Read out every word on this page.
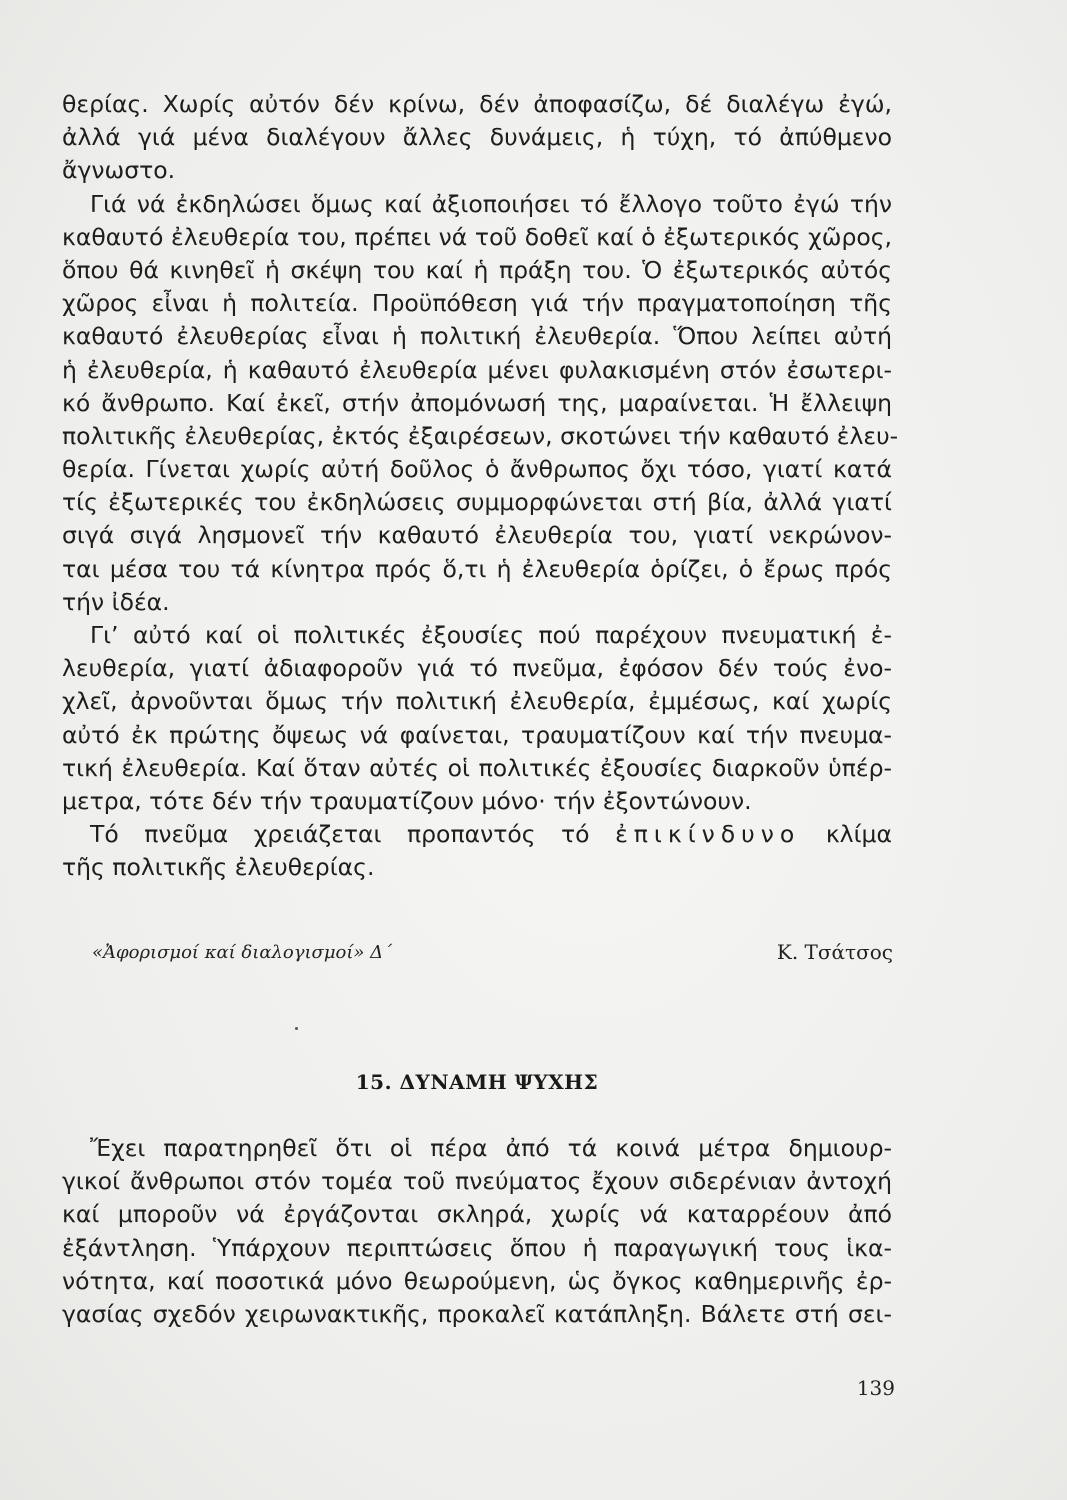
θερίας. Χωρίς αὐτόν δέν κρίνω, δέν ἀποφασίζω, δέ διαλέγω ἐγώ,
ἀλλά γιά μένα διαλέγουν ἄλλες δυνάμεις, ἡ τύχη, τό ἀπύθμενο
ἄγνωστο.
Γιά νά ἐκδηλώσει ὅμως καί ἀξιοποιήσει τό ἔλλογο τοῦτο ἐγώ τήν
καθαυτό ἐλευθερία του, πρέπει νά τοῦ δοθεῖ καί ὁ ἐξωτερικός χῶρος,
ὅπου θά κινηθεῖ ἡ σκέψη του καί ἡ πράξη του. Ὁ ἐξωτερικός αὐτός
χῶρος εἶναι ἡ πολιτεία. Προϋπόθεση γιά τήν πραγματοποίηση τῆς
καθαυτό ἐλευθερίας εἶναι ἡ πολιτική ἐλευθερία. Ὅπου λείπει αὐτή
ἡ ἐλευθερία, ἡ καθαυτό ἐλευθερία μένει φυλακισμένη στόν ἐσωτερι-
κό ἄνθρωπο. Καί ἐκεῖ, στήν ἀπομόνωσή της, μαραίνεται. Ἡ ἔλλειψη
πολιτικῆς ἐλευθερίας, ἐκτός ἐξαιρέσεων, σκοτώνει τήν καθαυτό ἐλευ-
θερία. Γίνεται χωρίς αὐτή δοῦλος ὁ ἄνθρωπος ὄχι τόσο, γιατί κατά
τίς ἐξωτερικές του ἐκδηλώσεις συμμορφώνεται στή βία, ἀλλά γιατί
σιγά σιγά λησμονεῖ τήν καθαυτό ἐλευθερία του, γιατί νεκρώνον-
ται μέσα του τά κίνητρα πρός ὅ,τι ἡ ἐλευθερία ὁρίζει, ὁ ἔρως πρός
τήν ἰδέα.
Γι’ αὐτό καί οἱ πολιτικές ἐξουσίες πού παρέχουν πνευματική ἐ-
λευθερία, γιατί ἀδιαφοροῦν γιά τό πνεῦμα, ἐφόσον δέν τούς ἐνο-
χλεῖ, ἀρνοῦνται ὅμως τήν πολιτική ἐλευθερία, ἐμμέσως, καί χωρίς
αὐτό ἐκ πρώτης ὄψεως νά φαίνεται, τραυματίζουν καί τήν πνευμα-
τική ἐλευθερία. Καί ὅταν αὐτές οἱ πολιτικές ἐξουσίες διαρκοῦν ὑπέρ-
μετρα, τότε δέν τήν τραυματίζουν μόνο· τήν ἐξοντώνουν.
Τό πνεῦμα χρειάζεται προπαντός τό ἐπικίνδυνο κλίμα
τῆς πολιτικῆς ἐλευθερίας.
«Ἀφορισμοί καί διαλογισμοί» Δ΄	Κ. Τσάτσος
15. ΔΥΝΑΜΗ ΨΥΧΗΣ
Ἔχει παρατηρηθεῖ ὅτι οἱ πέρα ἀπό τά κοινά μέτρα δημιουρ-
γικοί ἄνθρωποι στόν τομέα τοῦ πνεύματος ἔχουν σιδερένιαν ἀντοχή
καί μποροῦν νά ἐργάζονται σκληρά, χωρίς νά καταρρέουν ἀπό
ἐξάντληση. Ὑπάρχουν περιπτώσεις ὅπου ἡ παραγωγική τους ἱκα-
νότητα, καί ποσοτικά μόνο θεωρούμενη, ὡς ὄγκος καθημερινῆς ἐρ-
γασίας σχεδόν χειρωνακτικῆς, προκαλεῖ κατάπληξη. Βάλετε στή σει-
139
